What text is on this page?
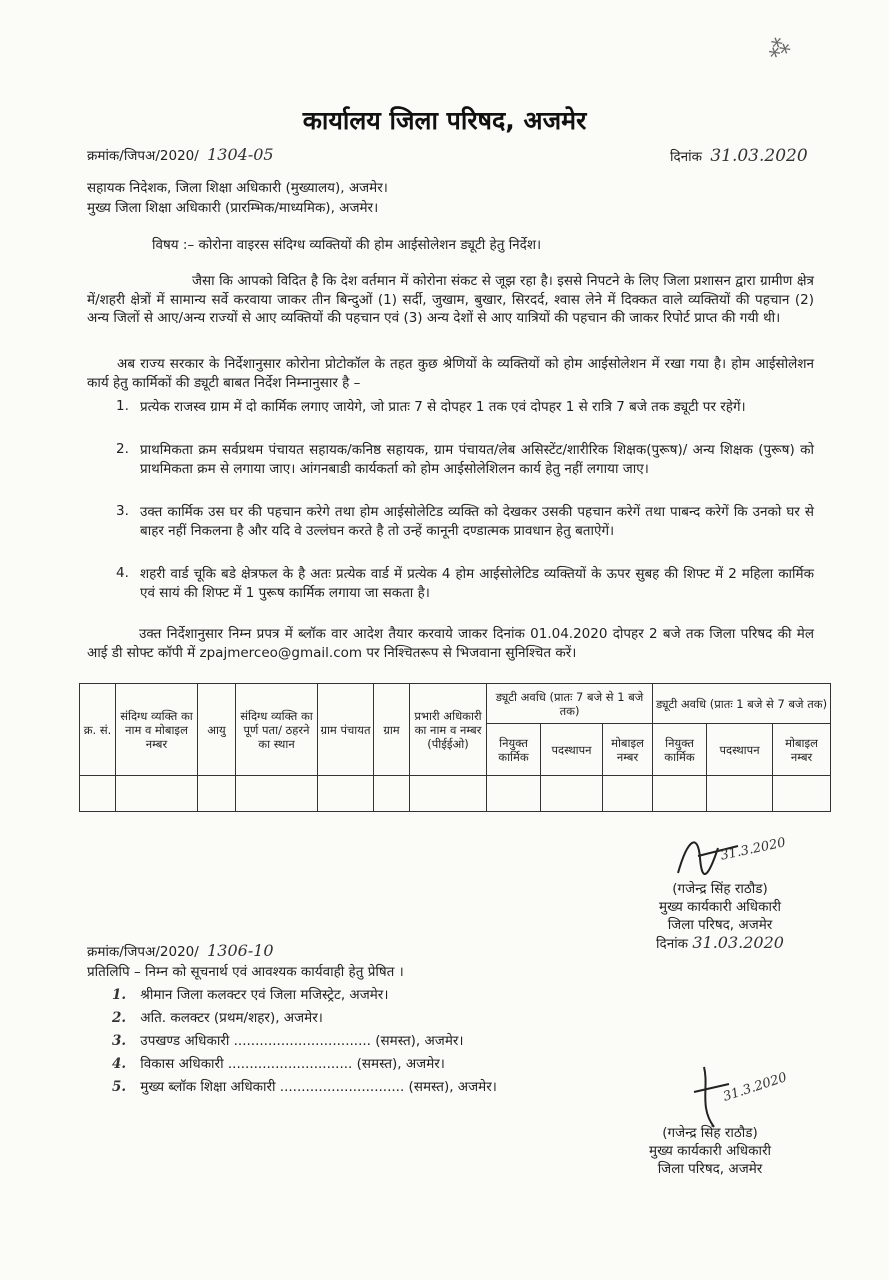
⁂
कार्यालय जिला परिषद, अजमेर
क्रमांक/जिपअ/2020/ 1304-05	दिनांक 31.03.2020
सहायक निदेशक, जिला शिक्षा अधिकारी (मुख्यालय), अजमेर।
मुख्य जिला शिक्षा अधिकारी (प्रारम्भिक/माध्यमिक), अजमेर।
विषय :– कोरोना वाइरस संदिग्ध व्यक्तियों की होम आईसोलेशन ड्यूटी हेतु निर्देश।
जैसा कि आपको विदित है कि देश वर्तमान में कोरोना संकट से जूझ रहा है। इससे निपटने के लिए जिला प्रशासन द्वारा ग्रामीण क्षेत्र में/शहरी क्षेत्रों में सामान्य सर्वे करवाया जाकर तीन बिन्दुओं (1) सर्दी, जुखाम, बुखार, सिरदर्द, श्वास लेने में दिक्कत वाले व्यक्तियों की पहचान (2) अन्य जिलों से आए/अन्य राज्यों से आए व्यक्तियों की पहचान एवं (3) अन्य देशों से आए यात्रियों की पहचान की जाकर रिपोर्ट प्राप्त की गयी थी।
अब राज्य सरकार के निर्देशानुसार कोरोना प्रोटोकॉल के तहत कुछ श्रेणियों के व्यक्तियों को होम आईसोलेशन में रखा गया है। होम आईसोलेशन कार्य हेतु कार्मिकों की ड्यूटी बाबत निर्देश निम्नानुसार है –
1. प्रत्येक राजस्व ग्राम में दो कार्मिक लगाए जायेगे, जो प्रातः 7 से दोपहर 1 तक एवं दोपहर 1 से रात्रि 7 बजे तक ड्यूटी पर रहेगें।
2. प्राथमिकता क्रम सर्वप्रथम पंचायत सहायक/कनिष्ठ सहायक, ग्राम पंचायत/लेब असिस्टेंट/शारीरिक शिक्षक(पुरूष)/ अन्य शिक्षक (पुरूष) को प्राथमिकता क्रम से लगाया जाए। आंगनबाडी कार्यकर्ता को होम आईसोलेशिलन कार्य हेतु नहीं लगाया जाए।
3. उक्त कार्मिक उस घर की पहचान करेगे तथा होम आईसोलेटिड व्यक्ति को देखकर उसकी पहचान करेगें तथा पाबन्द करेगें कि उनको घर से बाहर नहीं निकलना है और यदि वे उल्लंघन करते है तो उन्हें कानूनी दण्डात्मक प्रावधान हेतु बताऐगें।
4. शहरी वार्ड चूकि बडे क्षेत्रफल के है अतः प्रत्येक वार्ड में प्रत्येक 4 होम आईसोलेटिड व्यक्तियों के ऊपर सुबह की शिफ्ट में 2 महिला कार्मिक एवं सायं की शिफ्ट में 1 पुरूष कार्मिक लगाया जा सकता है।
उक्त निर्देशानुसार निम्न प्रपत्र में ब्लॉक वार आदेश तैयार करवाये जाकर दिनांक 01.04.2020 दोपहर 2 बजे तक जिला परिषद की मेल आई डी सोफ्ट कॉपी में zpajmerceo@gmail.com पर निश्चितरूप से भिजवाना सुनिश्चित करें।
क्र. सं.	संदिग्ध व्यक्ति का नाम व मोबाइल नम्बर	आयु	संदिग्ध व्यक्ति का पूर्ण पता/ ठहरने का स्थान	ग्राम पंचायत	ग्राम	प्रभारी अधिकारी का नाम व नम्बर (पीईईओ)	ड्यूटी अवधि (प्रातः 7 बजे से 1 बजे तक)			ड्यूटी अवधि (प्रातः 1 बजे से 7 बजे तक)		
							नियुक्त कार्मिक	पदस्थापन	मोबाइल नम्बर	नियुक्त कार्मिक	पदस्थापन	मोबाइल नम्बर

31.3.2020
(गजेन्द्र सिंह राठौड)
मुख्य कार्यकारी अधिकारी
जिला परिषद, अजमेर
दिनांक 31.03.2020
क्रमांक/जिपअ/2020/ 1306-10
प्रतिलिपि – निम्न को सूचनार्थ एवं आवश्यक कार्यवाही हेतु प्रेषित ।
1. श्रीमान जिला कलक्टर एवं जिला मजिस्ट्रेट, अजमेर।
2. अति. कलक्टर (प्रथम/शहर), अजमेर।
3. उपखण्ड अधिकारी ................................ (समस्त), अजमेर।
4. विकास अधिकारी ............................. (समस्त), अजमेर।
5. मुख्य ब्लॉक शिक्षा अधिकारी ............................. (समस्त), अजमेर।	31.3.2020
(गजेन्द्र सिंह राठौड)
मुख्य कार्यकारी अधिकारी
जिला परिषद, अजमेर
